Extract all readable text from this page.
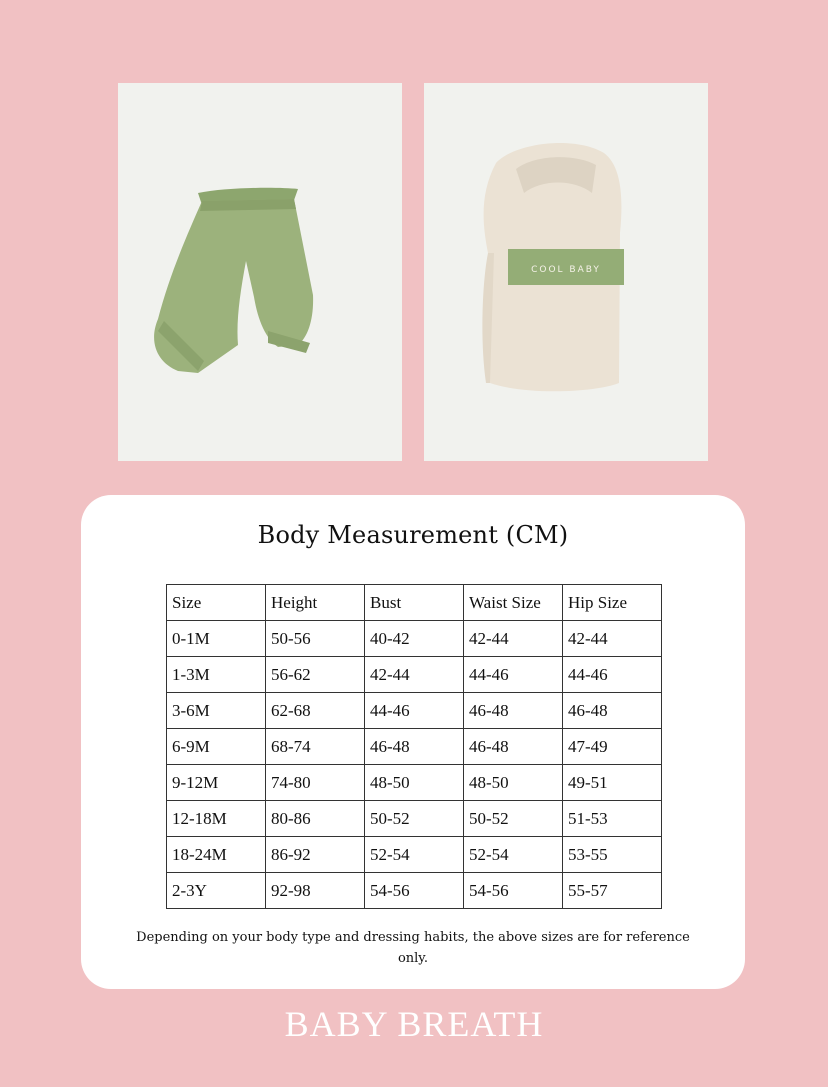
COOL BABY
Body Measurement (CM)
Size	Height	Bust	Waist Size	Hip Size
0-1M	50-56	40-42	42-44	42-44
1-3M	56-62	42-44	44-46	44-46
3-6M	62-68	44-46	46-48	46-48
6-9M	68-74	46-48	46-48	47-49
9-12M	74-80	48-50	48-50	49-51
12-18M	80-86	50-52	50-52	51-53
18-24M	86-92	52-54	52-54	53-55
2-3Y	92-98	54-56	54-56	55-57
Depending on your body type and dressing habits, the above sizes are for reference only.
BABY BREATH
